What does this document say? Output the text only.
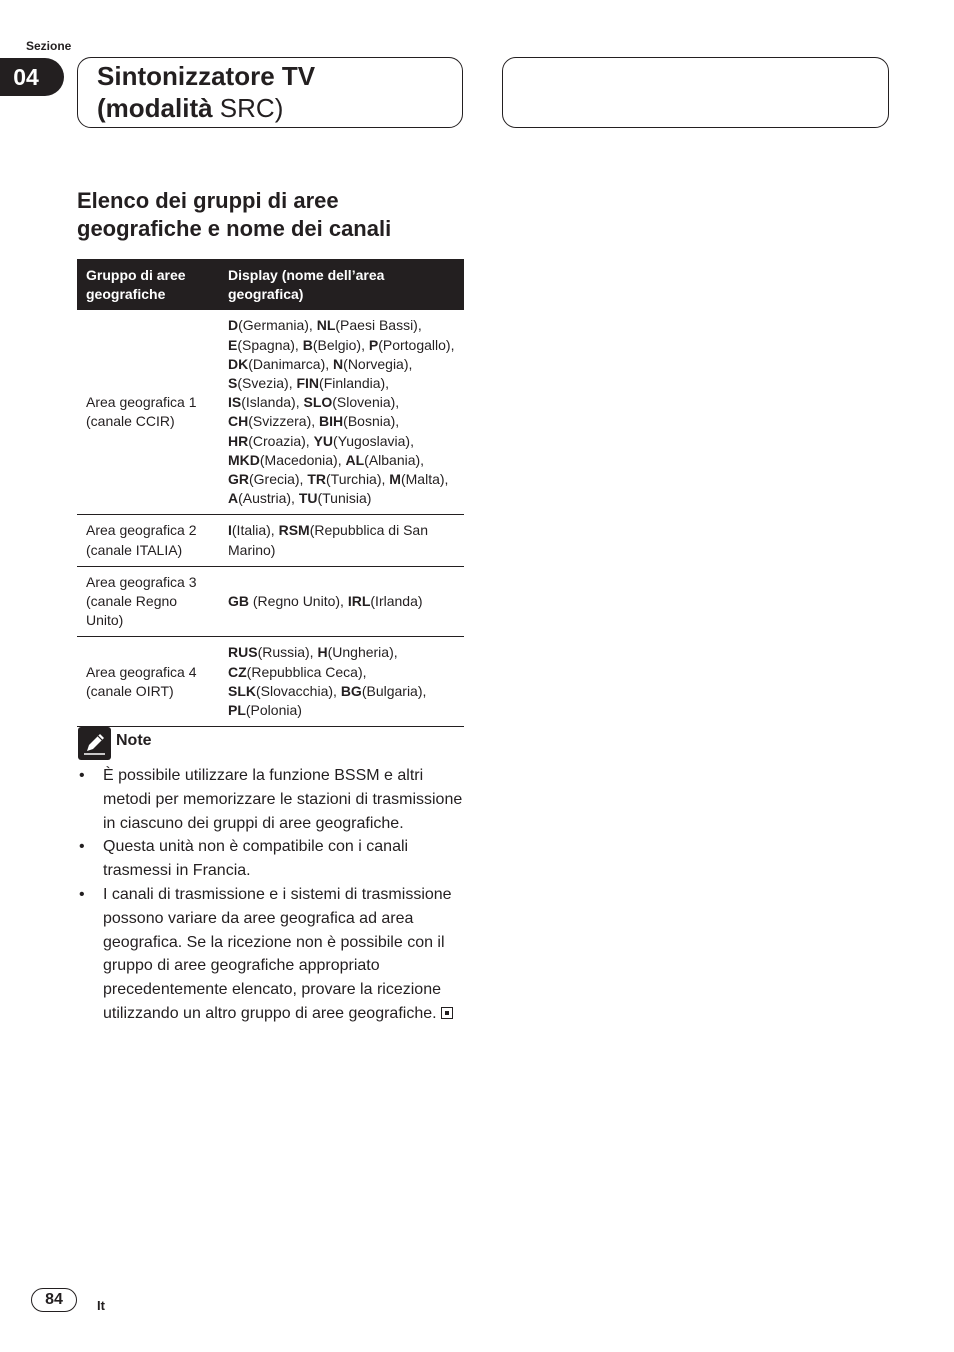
Sezione
04	Sintonizzatore TV
(modalità SRC)
Elenco dei gruppi di aree
geografiche e nome dei canali
Gruppo di aree geografiche	Display (nome dell’area geografica)
Area geografica 1 (canale CCIR)	D(Germania), NL(Paesi Bassi), E(Spagna), B(Belgio), P(Portogallo), DK(Danimarca), N(Norvegia), S(Svezia), FIN(Finlandia), IS(Islanda), SLO(Slovenia), CH(Svizzera), BIH(Bosnia), HR(Croazia), YU(Yugoslavia), MKD(Macedonia), AL(Albania), GR(Grecia), TR(Turchia), M(Malta), A(Austria), TU(Tunisia)
Area geografica 2 (canale ITALIA)	I(Italia), RSM(Repubblica di San Marino)
Area geografica 3 (canale Regno Unito)	GB (Regno Unito), IRL(Irlanda)
Area geografica 4 (canale OIRT)	RUS(Russia), H(Ungheria), CZ(Repubblica Ceca), SLK(Slovacchia), BG(Bulgaria), PL(Polonia)
Note
• È possibile utilizzare la funzione BSSM e altri metodi per memorizzare le stazioni di trasmissione in ciascuno dei gruppi di aree geografiche.
• Questa unità non è compatibile con i canali trasmessi in Francia.
• I canali di trasmissione e i sistemi di trasmissione possono variare da aree geografica ad area geografica. Se la ricezione non è possibile con il gruppo di aree geografiche appropriato precedentemente elencato, provare la ricezione utilizzando un altro gruppo di aree geografiche.
84	It
